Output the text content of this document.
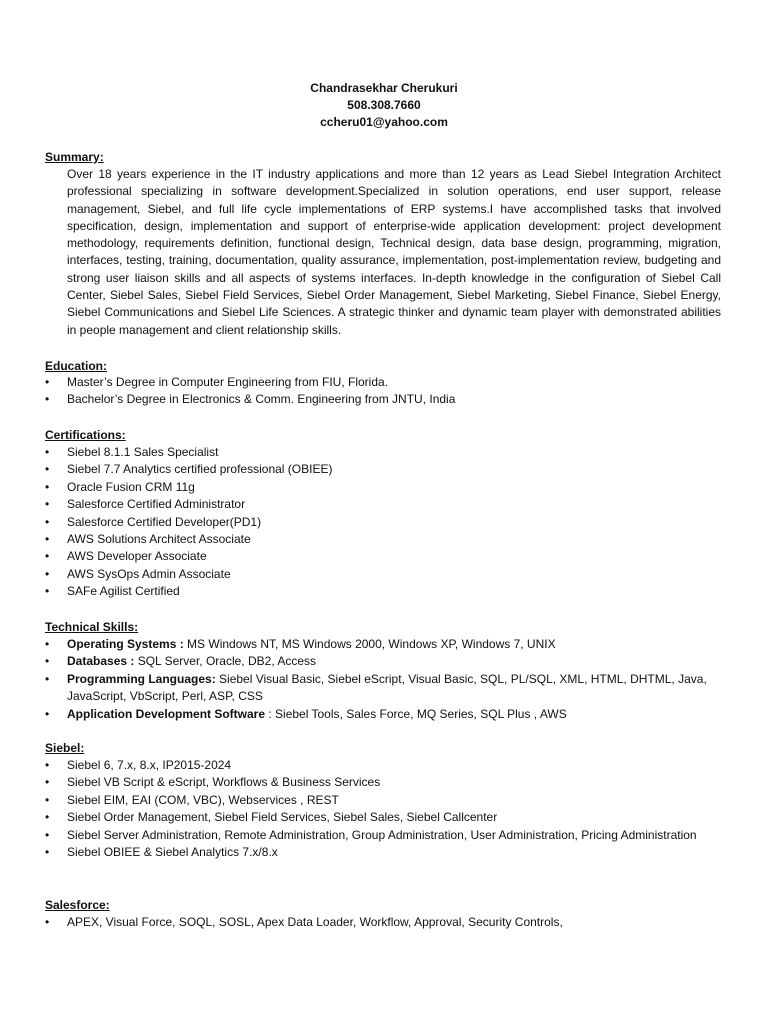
Chandrasekhar Cherukuri
508.308.7660
ccheru01@yahoo.com
Summary:
Over 18 years experience in the IT industry applications and more than 12 years as Lead Siebel Integration Architect professional specializing in software development.Specialized in solution operations, end user support, release management, Siebel, and full life cycle implementations of ERP systems.I have accomplished tasks that involved specification, design, implementation and support of enterprise-wide application development: project development methodology, requirements definition, functional design, Technical design, data base design, programming, migration, interfaces, testing, training, documentation, quality assurance, implementation, post-implementation review, budgeting and strong user liaison skills and all aspects of systems interfaces. In-depth knowledge in the configuration of Siebel Call Center, Siebel Sales, Siebel Field Services, Siebel Order Management, Siebel Marketing, Siebel Finance, Siebel Energy, Siebel Communications and Siebel Life Sciences. A strategic thinker and dynamic team player with demonstrated abilities in people management and client relationship skills.
Education:
• Master’s Degree in Computer Engineering from FIU, Florida.
• Bachelor’s Degree in Electronics & Comm. Engineering from JNTU, India
Certifications:
• Siebel 8.1.1 Sales Specialist
• Siebel 7.7 Analytics certified professional (OBIEE)
• Oracle Fusion CRM 11g
• Salesforce Certified Administrator
• Salesforce Certified Developer(PD1)
• AWS Solutions Architect Associate
• AWS Developer Associate
• AWS SysOps Admin Associate
• SAFe Agilist Certified
Technical Skills:
• Operating Systems : MS Windows NT, MS Windows 2000, Windows XP, Windows 7, UNIX
• Databases : SQL Server, Oracle, DB2, Access
• Programming Languages: Siebel Visual Basic, Siebel eScript, Visual Basic, SQL, PL/SQL, XML, HTML, DHTML, Java, JavaScript, VbScript, Perl, ASP, CSS
• Application Development Software : Siebel Tools, Sales Force, MQ Series, SQL Plus , AWS
Siebel:
• Siebel 6, 7.x, 8.x, IP2015-2024
• Siebel VB Script & eScript, Workflows & Business Services
• Siebel EIM, EAI (COM, VBC), Webservices , REST
• Siebel Order Management, Siebel Field Services, Siebel Sales, Siebel Callcenter
• Siebel Server Administration, Remote Administration, Group Administration, User Administration, Pricing Administration
• Siebel OBIEE & Siebel Analytics 7.x/8.x
Salesforce:
• APEX, Visual Force, SOQL, SOSL, Apex Data Loader, Workflow, Approval, Security Controls,
